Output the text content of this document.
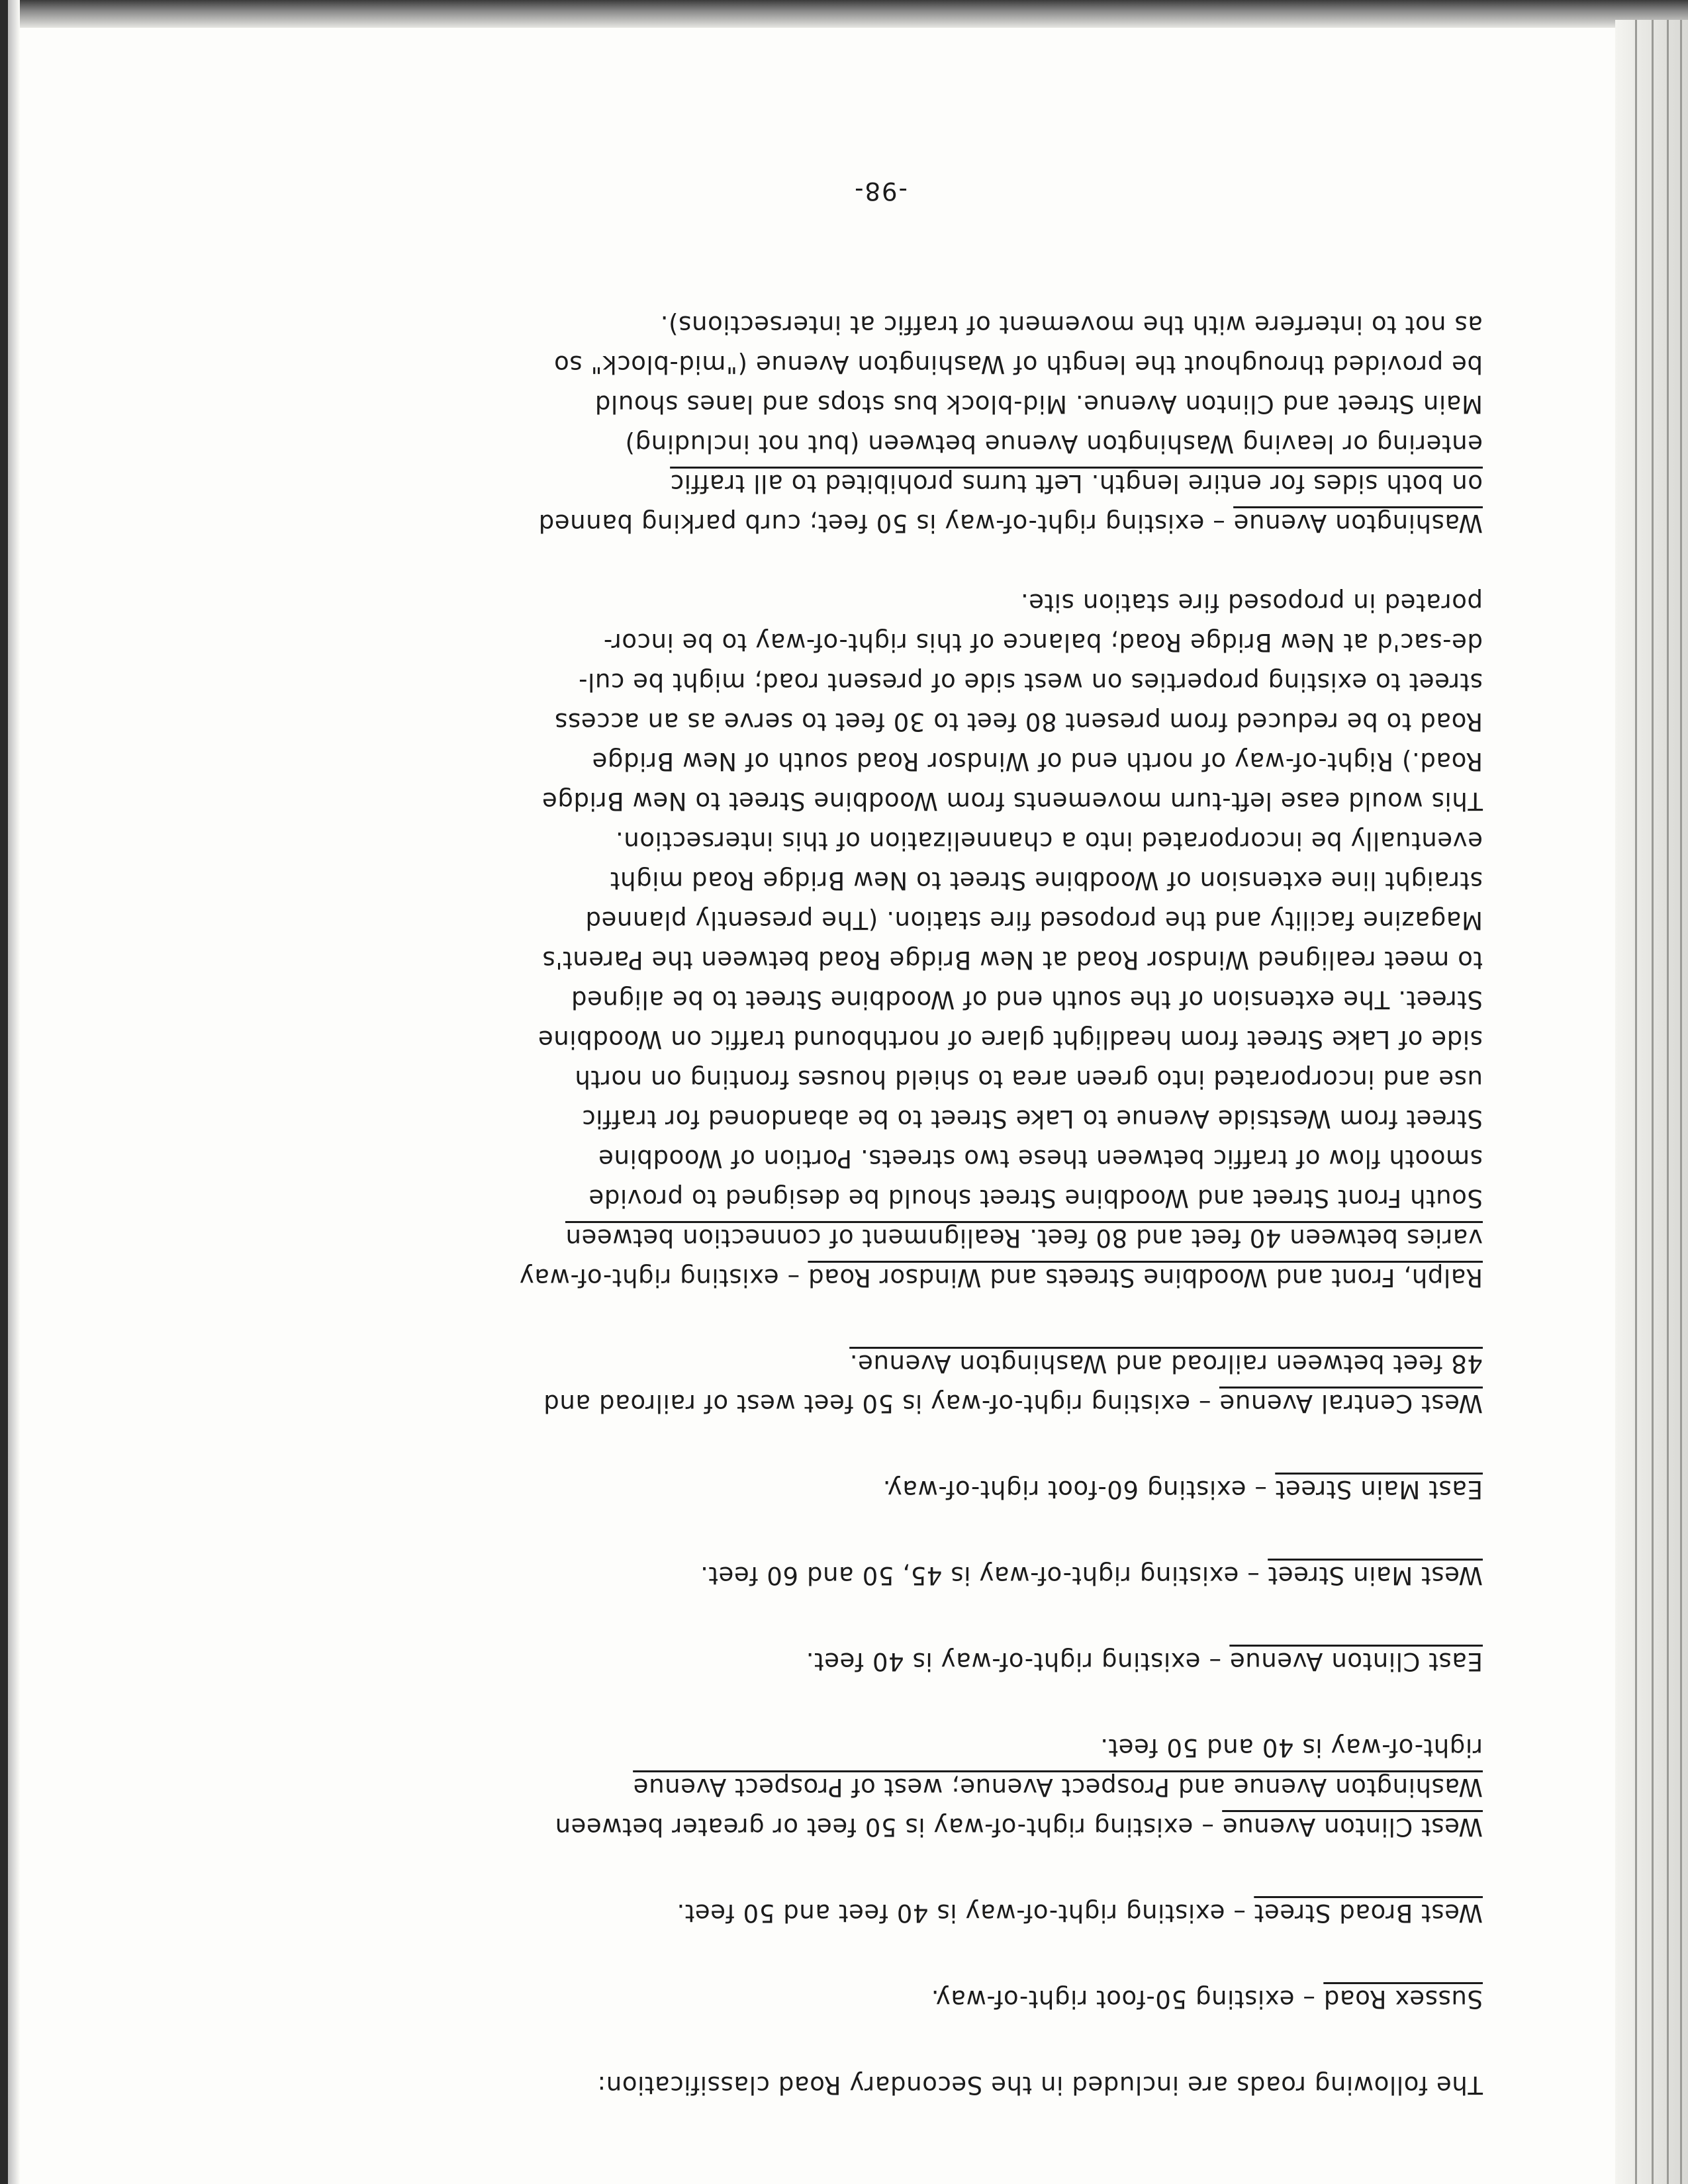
The following roads are included in the Secondary Road classification:

Sussex Road – existing 50-foot right-of-way.

West Broad Street – existing right-of-way is 40 feet and 50 feet.

West Clinton Avenue – existing right-of-way is 50 feet or greater between
Washington Avenue and Prospect Avenue; west of Prospect Avenue
right-of-way is 40 and 50 feet.

East Clinton Avenue – existing right-of-way is 40 feet.

West Main Street – existing right-of-way is 45, 50 and 60 feet.

East Main Street – existing 60-foot right-of-way.

West Central Avenue – existing right-of-way is 50 feet west of railroad and
48 feet between railroad and Washington Avenue.

Ralph, Front and Woodbine Streets and Windsor Road – existing right-of-way
varies between 40 feet and 80 feet. Realignment of connection between
South Front Street and Woodbine Street should be designed to provide
smooth flow of traffic between these two streets. Portion of Woodbine
Street from Westside Avenue to Lake Street to be abandoned for traffic
use and incorporated into green area to shield houses fronting on north
side of Lake Street from headlight glare of northbound traffic on Woodbine
Street. The extension of the south end of Woodbine Street to be aligned
to meet realigned Windsor Road at New Bridge Road between the Parent's
Magazine facility and the proposed fire station. (The presently planned
straight line extension of Woodbine Street to New Bridge Road might
eventually be incorporated into a channelization of this intersection.
This would ease left-turn movements from Woodbine Street to New Bridge
Road.) Right-of-way of north end of Windsor Road south of New Bridge
Road to be reduced from present 80 feet to 30 feet to serve as an access
street to existing properties on west side of present road; might be cul-
de-sac'd at New Bridge Road; balance of this right-of-way to be incor-
porated in proposed fire station site.

Washington Avenue – existing right-of-way is 50 feet; curb parking banned
on both sides for entire length. Left turns prohibited to all traffic
entering or leaving Washington Avenue between (but not including)
Main Street and Clinton Avenue. Mid-block bus stops and lanes should
be provided throughout the length of Washington Avenue ("mid-block" so
as not to interfere with the movement of traffic at intersections).

-98-
